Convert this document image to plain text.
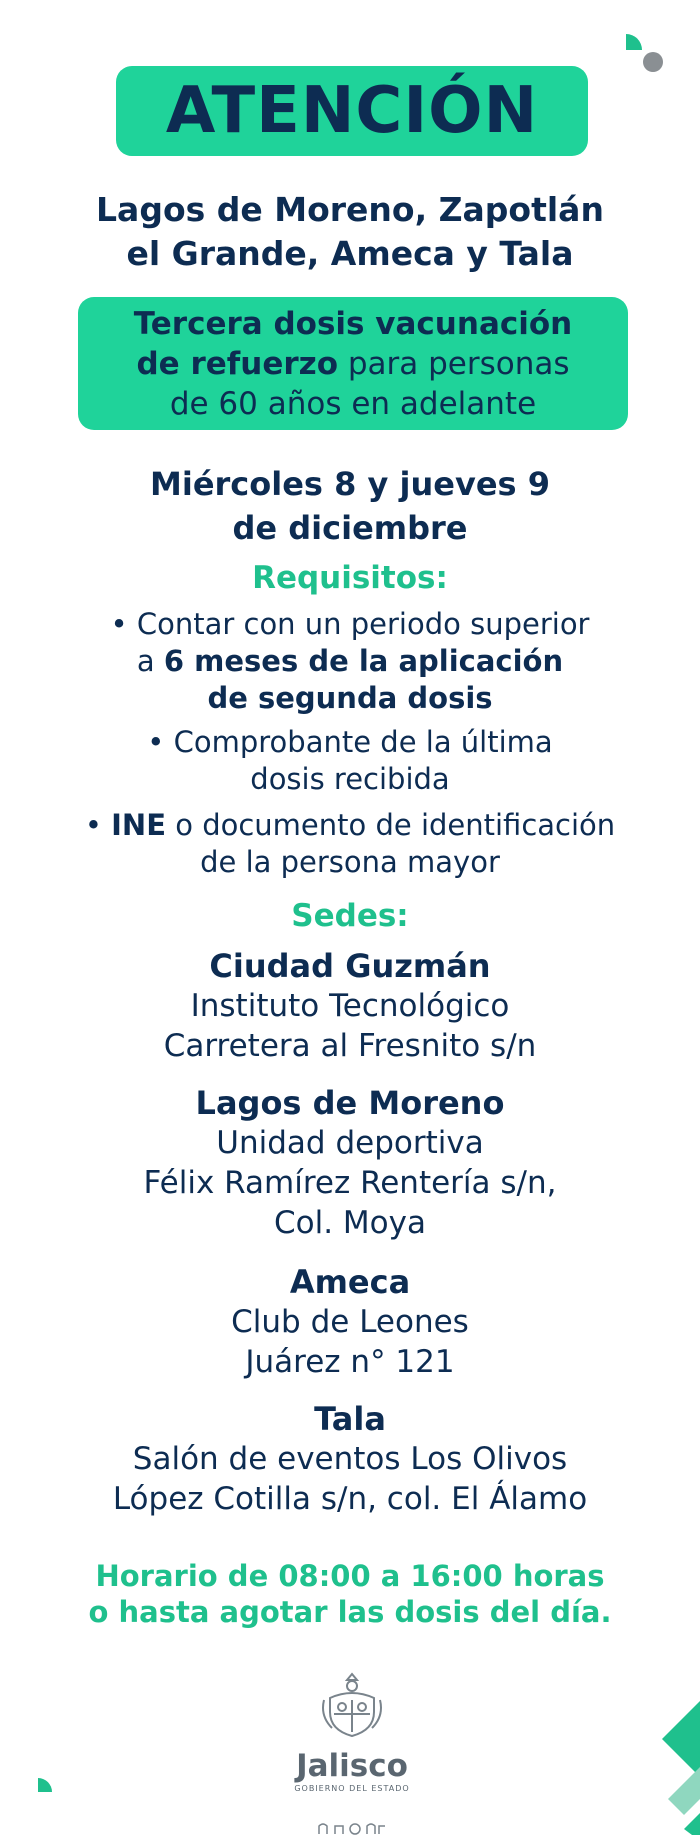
ATENCIÓN
Lagos de Moreno, Zapotlán
el Grande, Ameca y Tala
Tercera dosis vacunación
de refuerzo para personas
de 60 años en adelante
Miércoles 8 y jueves 9
de diciembre
Requisitos:
• Contar con un periodo superior
a 6 meses de la aplicación
de segunda dosis
• Comprobante de la última
dosis recibida
• INE o documento de identificación
de la persona mayor
Sedes:
Ciudad Guzmán
Instituto Tecnológico
Carretera al Fresnito s/n
Lagos de Moreno
Unidad deportiva
Félix Ramírez Rentería s/n,
Col. Moya
Ameca
Club de Leones
Juárez n° 121
Tala
Salón de eventos Los Olivos
López Cotilla s/n, col. El Álamo
Horario de 08:00 a 16:00 horas
o hasta agotar las dosis del día.
Jalisco
GOBIERNO DEL ESTADO
